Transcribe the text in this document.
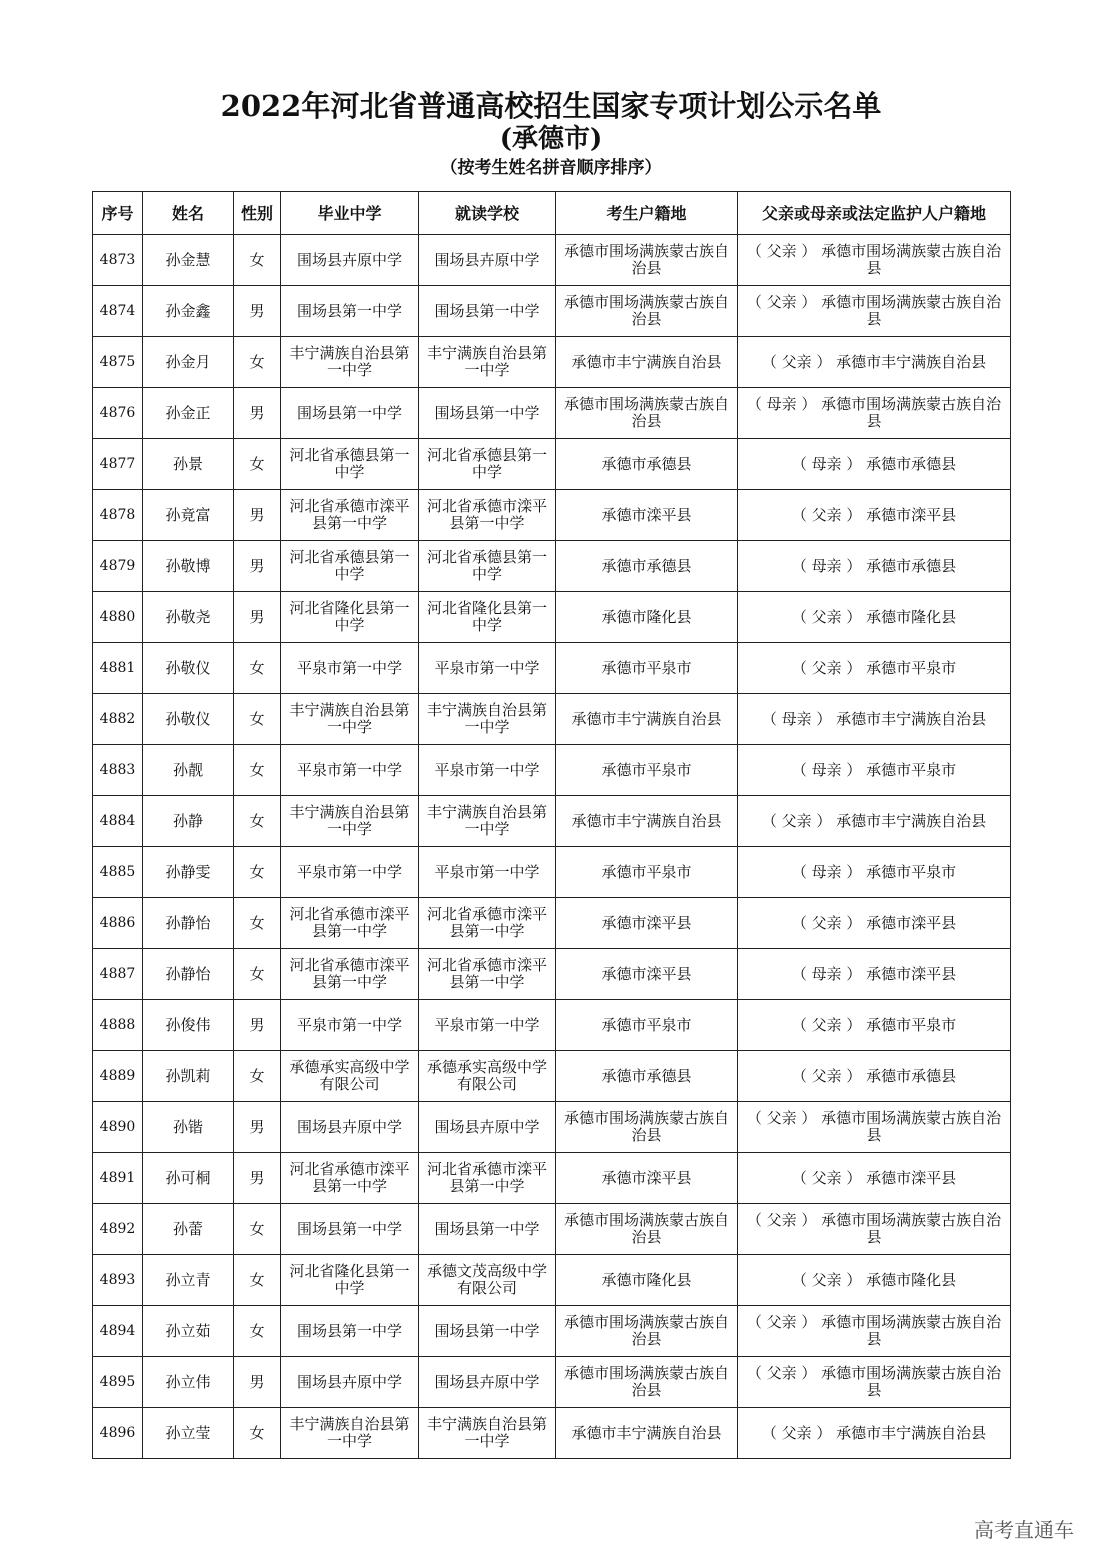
2022年河北省普通高校招生国家专项计划公示名单
(承德市)
（按考生姓名拼音顺序排序）
序号	姓名	性别	毕业中学	就读学校	考生户籍地	父亲或母亲或法定监护人户籍地
4873	孙金慧	女	围场县卉原中学	围场县卉原中学	承德市围场满族蒙古族自治县	（ 父亲 ） 承德市围场满族蒙古族自治县
4874	孙金鑫	男	围场县第一中学	围场县第一中学	承德市围场满族蒙古族自治县	（ 父亲 ） 承德市围场满族蒙古族自治县
4875	孙金月	女	丰宁满族自治县第一中学	丰宁满族自治县第一中学	承德市丰宁满族自治县	（ 父亲 ） 承德市丰宁满族自治县
4876	孙金正	男	围场县第一中学	围场县第一中学	承德市围场满族蒙古族自治县	（ 母亲 ） 承德市围场满族蒙古族自治县
4877	孙景	女	河北省承德县第一中学	河北省承德县第一中学	承德市承德县	（ 母亲 ） 承德市承德县
4878	孙竟富	男	河北省承德市滦平县第一中学	河北省承德市滦平县第一中学	承德市滦平县	（ 父亲 ） 承德市滦平县
4879	孙敬博	男	河北省承德县第一中学	河北省承德县第一中学	承德市承德县	（ 母亲 ） 承德市承德县
4880	孙敬尧	男	河北省隆化县第一中学	河北省隆化县第一中学	承德市隆化县	（ 父亲 ） 承德市隆化县
4881	孙敬仪	女	平泉市第一中学	平泉市第一中学	承德市平泉市	（ 父亲 ） 承德市平泉市
4882	孙敬仪	女	丰宁满族自治县第一中学	丰宁满族自治县第一中学	承德市丰宁满族自治县	（ 母亲 ） 承德市丰宁满族自治县
4883	孙靓	女	平泉市第一中学	平泉市第一中学	承德市平泉市	（ 母亲 ） 承德市平泉市
4884	孙静	女	丰宁满族自治县第一中学	丰宁满族自治县第一中学	承德市丰宁满族自治县	（ 父亲 ） 承德市丰宁满族自治县
4885	孙静雯	女	平泉市第一中学	平泉市第一中学	承德市平泉市	（ 母亲 ） 承德市平泉市
4886	孙静怡	女	河北省承德市滦平县第一中学	河北省承德市滦平县第一中学	承德市滦平县	（ 父亲 ） 承德市滦平县
4887	孙静怡	女	河北省承德市滦平县第一中学	河北省承德市滦平县第一中学	承德市滦平县	（ 母亲 ） 承德市滦平县
4888	孙俊伟	男	平泉市第一中学	平泉市第一中学	承德市平泉市	（ 父亲 ） 承德市平泉市
4889	孙凯莉	女	承德承实高级中学有限公司	承德承实高级中学有限公司	承德市承德县	（ 父亲 ） 承德市承德县
4890	孙锴	男	围场县卉原中学	围场县卉原中学	承德市围场满族蒙古族自治县	（ 父亲 ） 承德市围场满族蒙古族自治县
4891	孙可桐	男	河北省承德市滦平县第一中学	河北省承德市滦平县第一中学	承德市滦平县	（ 父亲 ） 承德市滦平县
4892	孙蕾	女	围场县第一中学	围场县第一中学	承德市围场满族蒙古族自治县	（ 父亲 ） 承德市围场满族蒙古族自治县
4893	孙立青	女	河北省隆化县第一中学	承德文茂高级中学有限公司	承德市隆化县	（ 父亲 ） 承德市隆化县
4894	孙立茹	女	围场县第一中学	围场县第一中学	承德市围场满族蒙古族自治县	（ 父亲 ） 承德市围场满族蒙古族自治县
4895	孙立伟	男	围场县卉原中学	围场县卉原中学	承德市围场满族蒙古族自治县	（ 父亲 ） 承德市围场满族蒙古族自治县
4896	孙立莹	女	丰宁满族自治县第一中学	丰宁满族自治县第一中学	承德市丰宁满族自治县	（ 父亲 ） 承德市丰宁满族自治县
高考直通车
